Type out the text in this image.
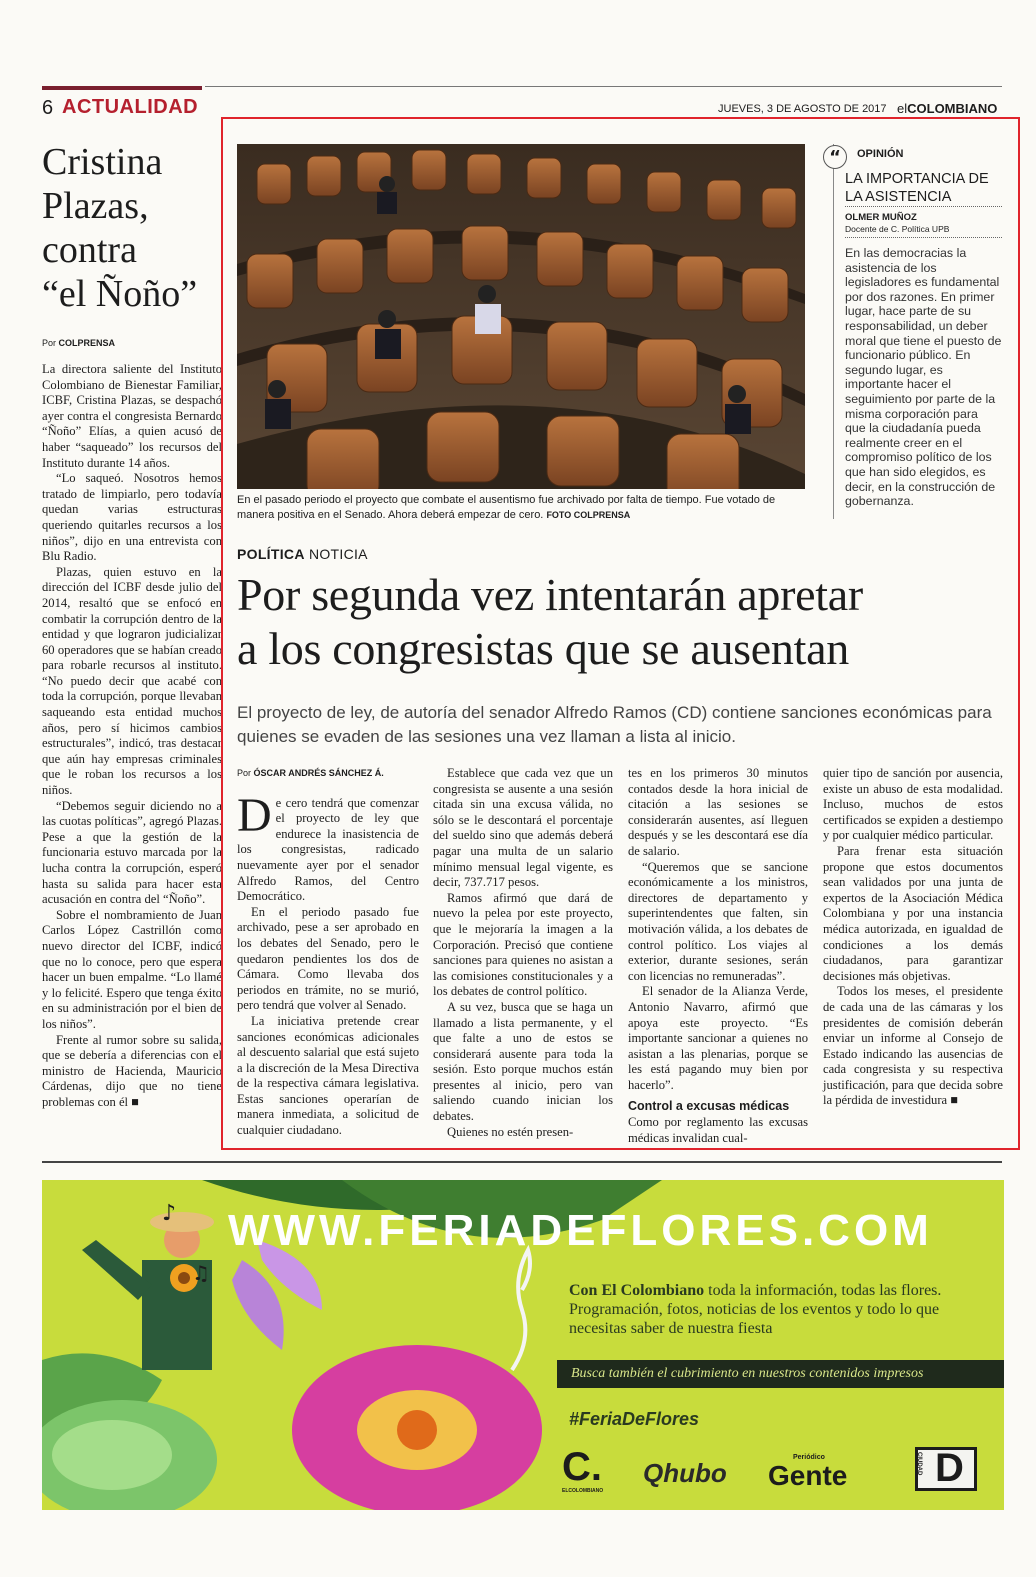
6 ACTUALIDAD	JUEVES, 3 DE AGOSTO DE 2017 elCOLOMBIANO
Cristina
Plazas,
contra
“el Ñoño”
Por COLPRENSA

La directora saliente del Instituto Colombiano de Bienestar Familiar, ICBF, Cristina Plazas, se despachó ayer contra el congresista Bernardo “Ñoño” Elías, a quien acusó de haber “saqueado” los recursos del Instituto durante 14 años.

“Lo saqueó. Nosotros hemos tratado de limpiarlo, pero todavía quedan varias estructuras queriendo quitarles recursos a los niños”, dijo en una entrevista con Blu Radio.

Plazas, quien estuvo en la dirección del ICBF desde julio del 2014, resaltó que se enfocó en combatir la corrupción dentro de la entidad y que lograron judicializar 60 operadores que se habían creado para robarle recursos al instituto. “No puedo decir que acabé con toda la corrupción, porque llevaban saqueando esta entidad muchos años, pero sí hicimos cambios estructurales”, indicó, tras destacar que aún hay empresas criminales que le roban los recursos a los niños.

“Debemos seguir diciendo no a las cuotas políticas”, agregó Plazas. Pese a que la gestión de la funcionaria estuvo marcada por la lucha contra la corrupción, esperó hasta su salida para hacer esta acusación en contra del “Ñoño”.

Sobre el nombramiento de Juan Carlos López Castrillón como nuevo director del ICBF, indicó que no lo conoce, pero que espera hacer un buen empalme. “Lo llamé y lo felicité. Espero que tenga éxito en su administración por el bien de los niños”.

Frente al rumor sobre su salida, que se debería a diferencias con el ministro de Hacienda, Mauricio Cárdenas, dijo que no tiene problemas con él ■

En el pasado periodo el proyecto que combate el ausentismo fue archivado por falta de tiempo. Fue votado de manera positiva en el Senado. Ahora deberá empezar de cero. FOTO COLPRENSA
“	OPINIÓN
LA IMPORTANCIA DE
LA ASISTENCIA
OLMER MUÑOZ
Docente de C. Política UPB
En las democracias la asistencia de los legisladores es fundamental por dos razones. En primer lugar, hace parte de su responsabilidad, un deber moral que tiene el puesto de funcionario público. En segundo lugar, es importante hacer el seguimiento por parte de la misma corporación para que la ciudadanía pueda realmente creer en el compromiso político de los que han sido elegidos, es decir, en la construcción de gobernanza.
POLÍTICA NOTICIA
Por segunda vez intentarán apretar
a los congresistas que se ausentan
El proyecto de ley, de autoría del senador Alfredo Ramos (CD) contiene sanciones económicas para quienes se evaden de las sesiones una vez llaman a lista al inicio.
Por ÓSCAR ANDRÉS SÁNCHEZ Á.

De cero tendrá que comenzar el proyecto de ley que endurece la inasistencia de los congresistas, radicado nuevamente ayer por el senador Alfredo Ramos, del Centro Democrático.

En el periodo pasado fue archivado, pese a ser aprobado en los debates del Senado, pero le quedaron pendientes los dos de Cámara. Como llevaba dos periodos en trámite, no se murió, pero tendrá que volver al Senado.

La iniciativa pretende crear sanciones económicas adicionales al descuento salarial que está sujeto a la discreción de la Mesa Directiva de la respectiva cámara legislativa. Estas sanciones operarían de manera inmediata, a solicitud de cualquier ciudadano.

Establece que cada vez que un congresista se ausente a una sesión citada sin una excusa válida, no sólo se le descontará el porcentaje del sueldo sino que además deberá pagar una multa de un salario mínimo mensual legal vigente, es decir, 737.717 pesos.

Ramos afirmó que dará de nuevo la pelea por este proyecto, que le mejoraría la imagen a la Corporación. Precisó que contiene sanciones para quienes no asistan a las comisiones constitucionales y a los debates de control político.

A su vez, busca que se haga un llamado a lista permanente, y el que falte a uno de estos se considerará ausente para toda la sesión. Esto porque muchos están presentes al inicio, pero van saliendo cuando inician los debates.

Quienes no estén presen-

tes en los primeros 30 minutos contados desde la hora inicial de citación a las sesiones se considerarán ausentes, así lleguen después y se les descontará ese día de salario.

“Queremos que se sancione económicamente a los ministros, directores de departamento y superintendentes que falten, sin motivación válida, a los debates de control político. Los viajes al exterior, durante sesiones, serán con licencias no remuneradas”.

El senador de la Alianza Verde, Antonio Navarro, afirmó que apoya este proyecto. “Es importante sancionar a quienes no asistan a las plenarias, porque se les está pagando muy bien por hacerlo”.

Control a excusas médicas

Como por reglamento las excusas médicas invalidan cual-

quier tipo de sanción por ausencia, existe un abuso de esta modalidad. Incluso, muchos de estos certificados se expiden a destiempo y por cualquier médico particular.

Para frenar esta situación propone que estos documentos sean validados por una junta de expertos de la Asociación Médica Colombiana y por una instancia médica autorizada, en igualdad de condiciones a los demás ciudadanos, para garantizar decisiones más objetivas.

Todos los meses, el presidente de cada una de las cámaras y los presidentes de comisión deberán enviar un informe al Consejo de Estado indicando las ausencias de cada congresista y su respectiva justificación, para que decida sobre la pérdida de investidura ■

♪
♫
WWW.FERIADEFLORES.COM
Con El Colombiano toda la información, todas las flores. Programación, fotos, noticias de los eventos y todo lo que necesitas saber de nuestra fiesta
Busca también el cubrimiento en nuestros contenidos impresos
#FeriaDeFlores
C.
ELCOLOMBIANO
Qhubo
Periódico
Gente D
CIUDAD
